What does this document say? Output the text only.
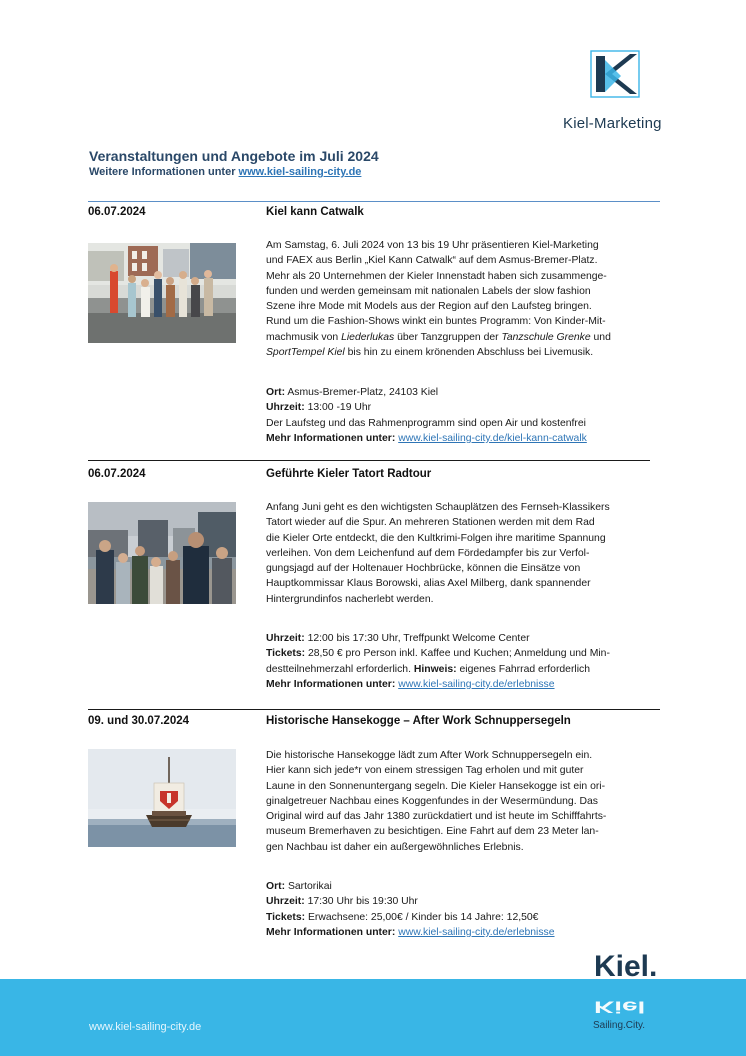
Kiel-Marketing
Veranstaltungen und Angebote im Juli 2024
Weitere Informationen unter www.kiel-sailing-city.de
06.07.2024	Kiel kann Catwalk
Am Samstag, 6. Juli 2024 von 13 bis 19 Uhr präsentieren Kiel-Marketing
und FAEX aus Berlin „Kiel Kann Catwalk“ auf dem Asmus-Bremer-Platz.
Mehr als 20 Unternehmen der Kieler Innenstadt haben sich zusammenge-
funden und werden gemeinsam mit nationalen Labels der slow fashion
Szene ihre Mode mit Models aus der Region auf den Laufsteg bringen.
Rund um die Fashion-Shows winkt ein buntes Programm: Von Kinder-Mit-
machmusik von Liederlukas über Tanzgruppen der Tanzschule Grenke und
SportTempel Kiel bis hin zu einem krönenden Abschluss bei Livemusik.
Ort: Asmus-Bremer-Platz, 24103 Kiel
Uhrzeit: 13:00 -19 Uhr
Der Laufsteg und das Rahmenprogramm sind open Air und kostenfrei
Mehr Informationen unter: www.kiel-sailing-city.de/kiel-kann-catwalk
06.07.2024	Geführte Kieler Tatort Radtour
Anfang Juni geht es den wichtigsten Schauplätzen des Fernseh-Klassikers
Tatort wieder auf die Spur. An mehreren Stationen werden mit dem Rad
die Kieler Orte entdeckt, die den Kultkrimi-Folgen ihre maritime Spannung
verleihen. Von dem Leichenfund auf dem Fördedampfer bis zur Verfol-
gungsjagd auf der Holtenauer Hochbrücke, können die Einsätze von
Hauptkommissar Klaus Borowski, alias Axel Milberg, dank spannender
Hintergrundinfos nacherlebt werden.
Uhrzeit: 12:00 bis 17:30 Uhr, Treffpunkt Welcome Center
Tickets: 28,50 € pro Person inkl. Kaffee und Kuchen; Anmeldung und Min-
destteilnehmerzahl erforderlich. Hinweis: eigenes Fahrrad erforderlich
Mehr Informationen unter: www.kiel-sailing-city.de/erlebnisse
09. und 30.07.2024	Historische Hansekogge – After Work Schnuppersegeln
Die historische Hansekogge lädt zum After Work Schnuppersegeln ein.
Hier kann sich jede*r von einem stressigen Tag erholen und mit guter
Laune in den Sonnenuntergang segeln. Die Kieler Hansekogge ist ein ori-
ginalgetreuer Nachbau eines Koggenfundes in der Wesermündung. Das
Original wird auf das Jahr 1380 zurückdatiert und ist heute im Schifffahrts-
museum Bremerhaven zu besichtigen. Eine Fahrt auf dem 23 Meter lan-
gen Nachbau ist daher ein außergewöhnliches Erlebnis.
Ort: Sartorikai
Uhrzeit: 17:30 Uhr bis 19:30 Uhr
Tickets: Erwachsene: 25,00€ / Kinder bis 14 Jahre: 12,50€
Mehr Informationen unter: www.kiel-sailing-city.de/erlebnisse
www.kiel-sailing-city.de
Kiel.
Kiel
Sailing.City.
